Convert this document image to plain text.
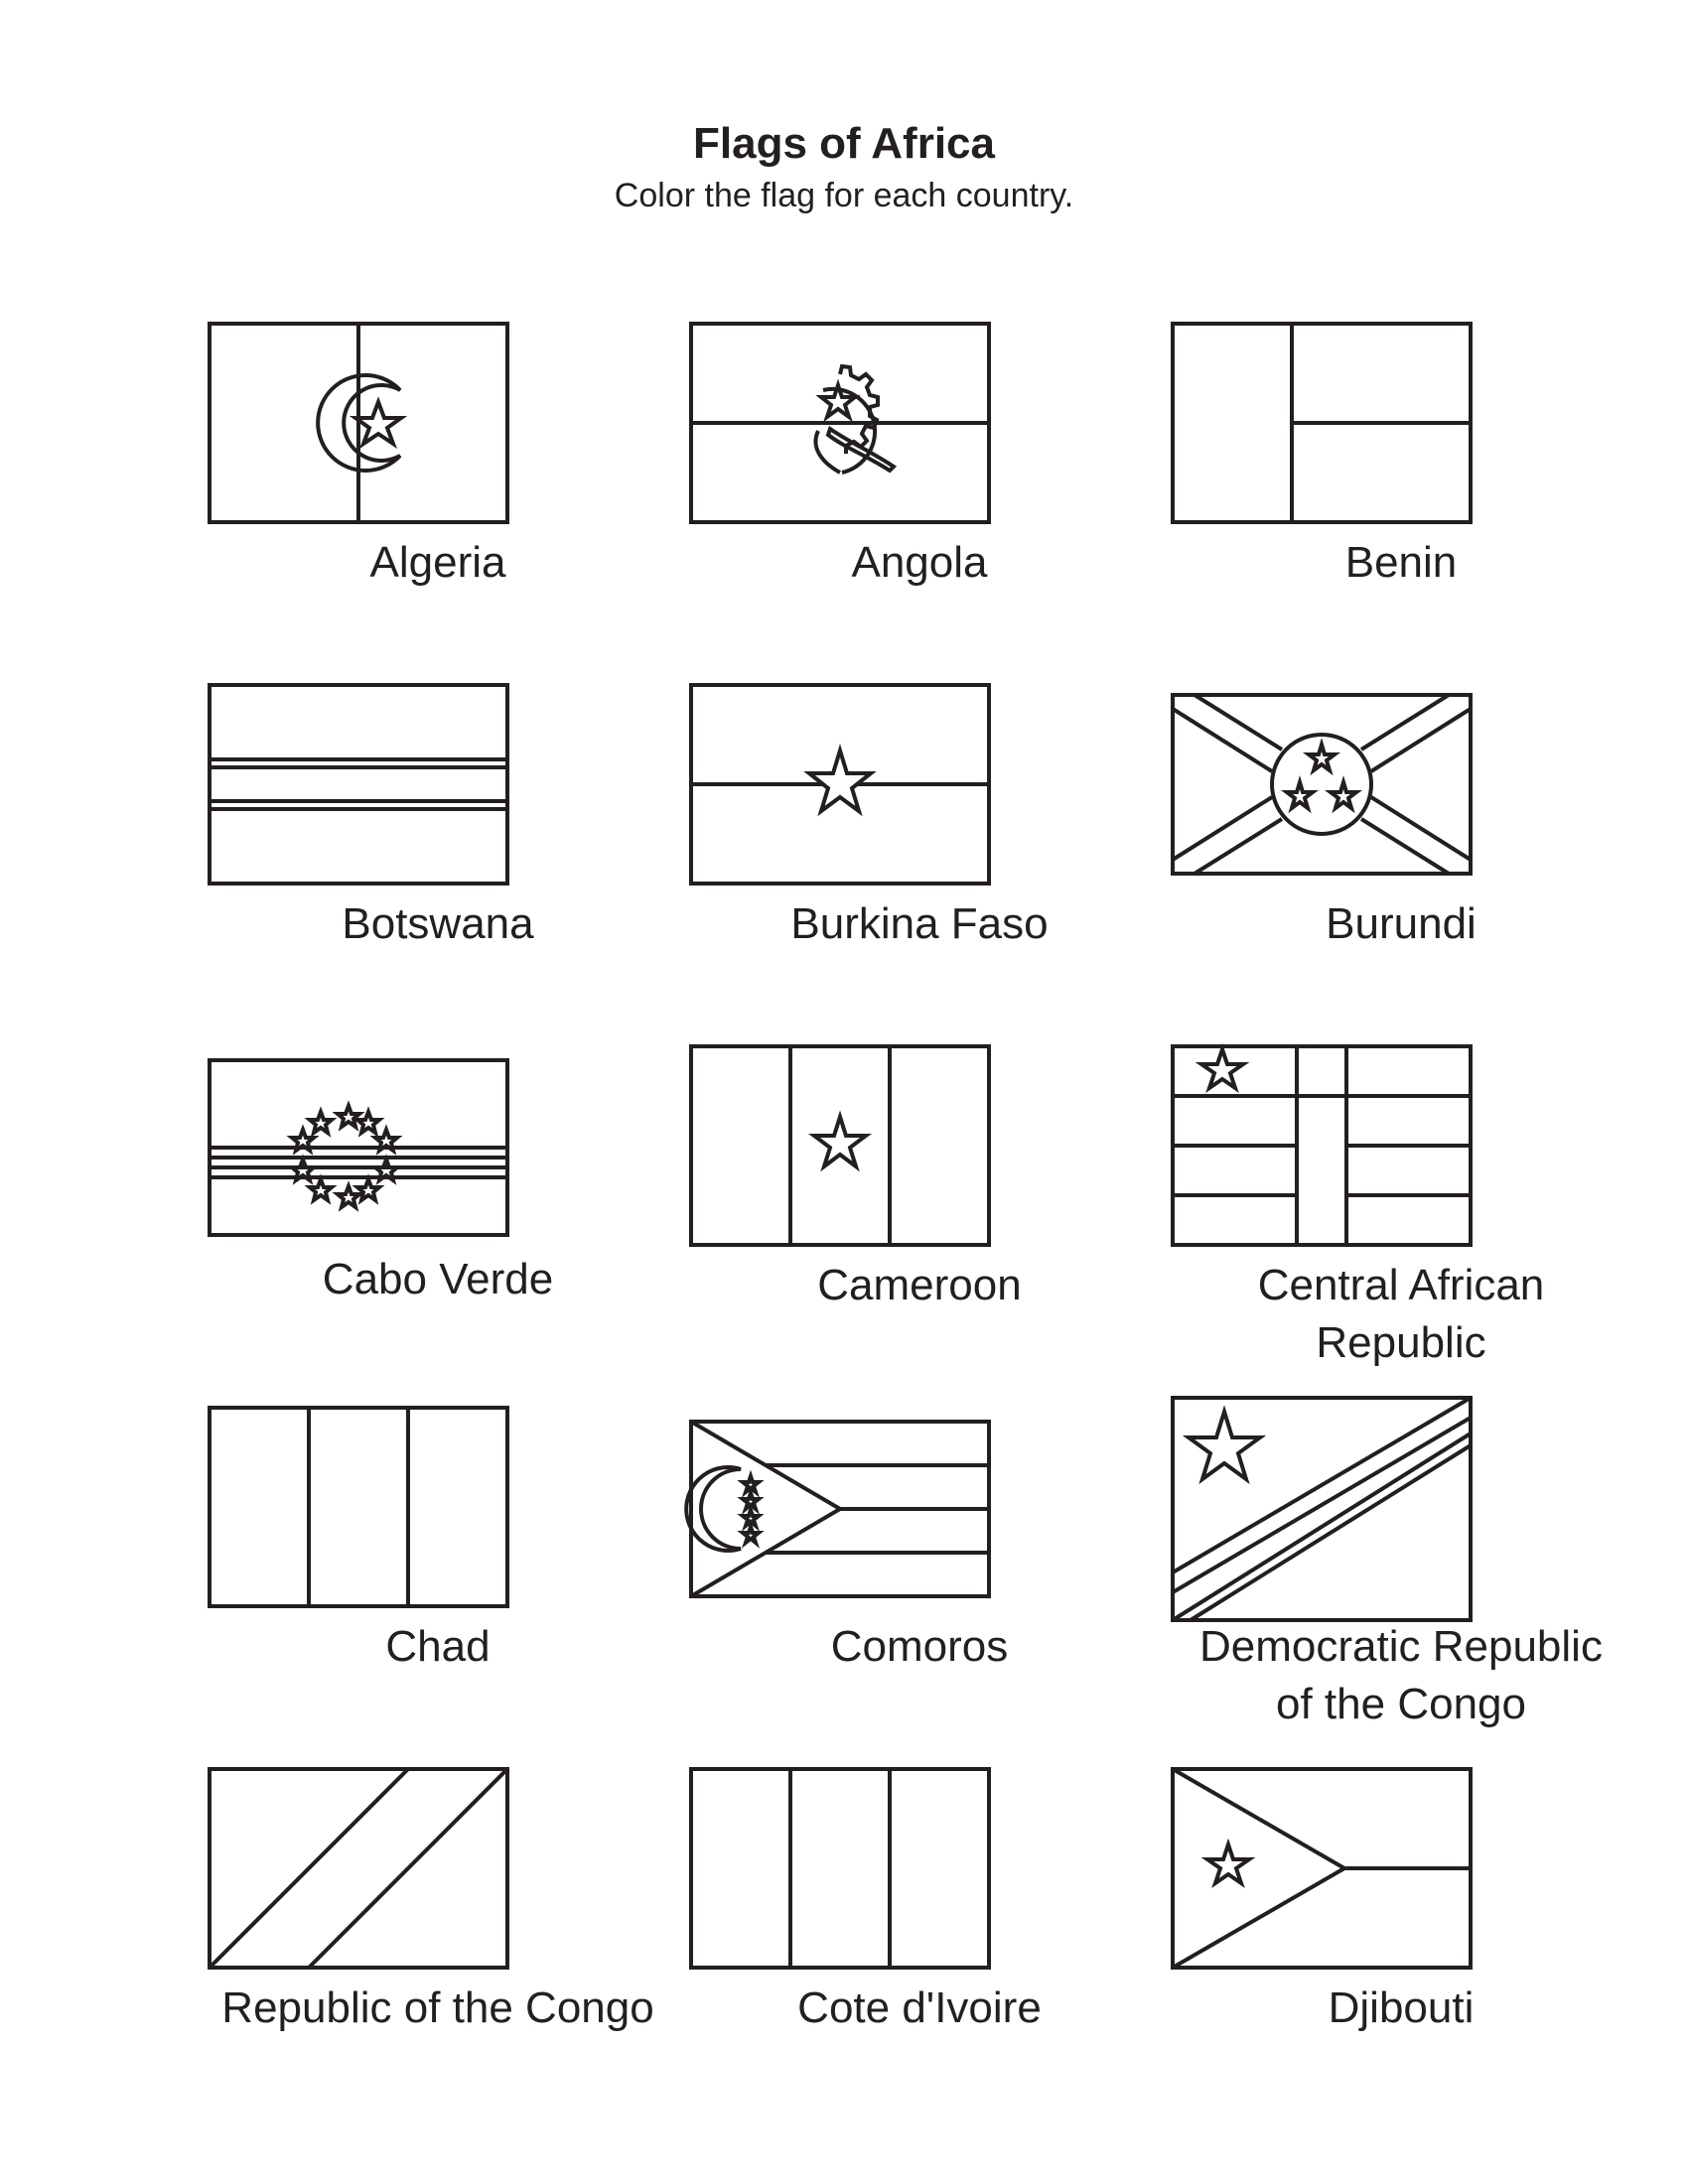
Flags of Africa
Color the flag for each country.
Algeria	Angola	Benin
Botswana	Burkina Faso	Burundi
Cabo Verde	Cameroon	Central African
Republic
Chad	Comoros	Democratic Republic
of the Congo
Republic of the Congo	Cote d'Ivoire	Djibouti
